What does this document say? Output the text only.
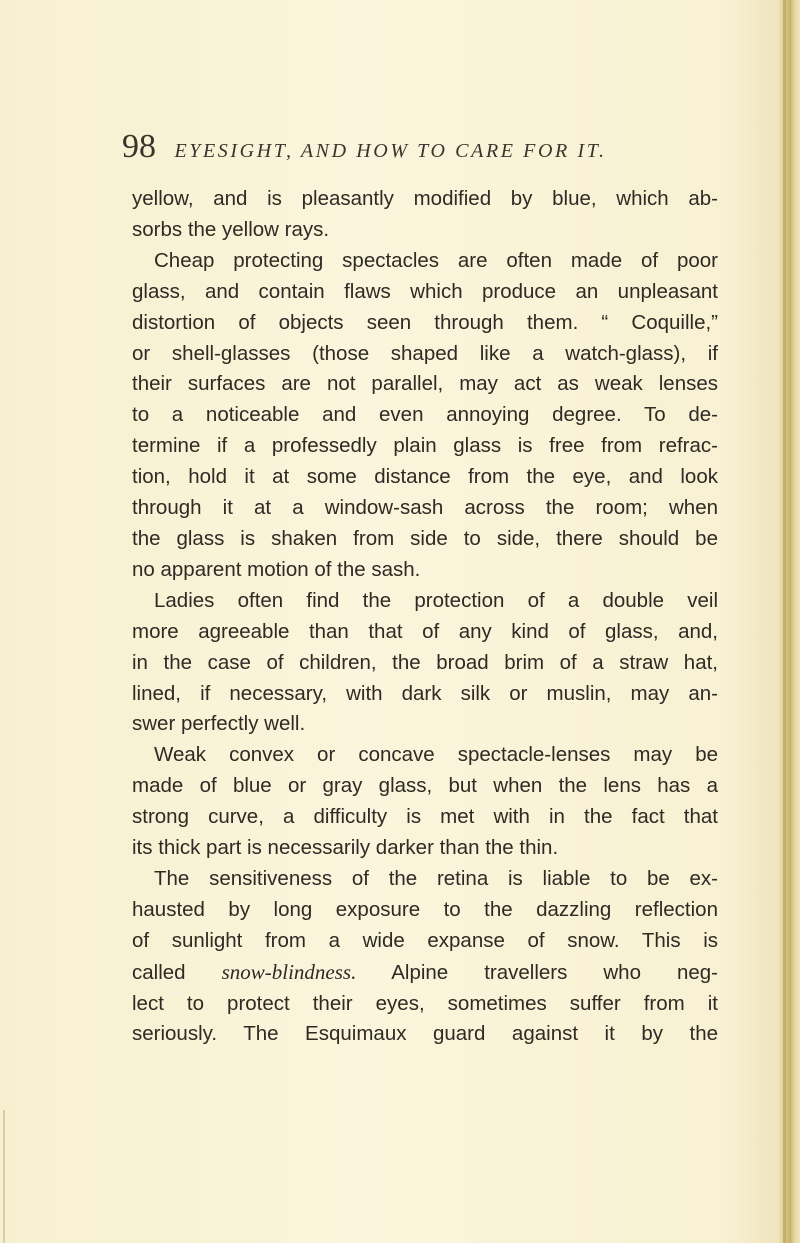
98 EYESIGHT, AND HOW TO CARE FOR IT.
yellow, and is pleasantly modified by blue, which ab-
sorbs the yellow rays.
Cheap protecting spectacles are often made of poor
glass, and contain flaws which produce an unpleasant
distortion of objects seen through them. “ Coquille,”
or shell-glasses (those shaped like a watch-glass), if
their surfaces are not parallel, may act as weak lenses
to a noticeable and even annoying degree. To de-
termine if a professedly plain glass is free from refrac-
tion, hold it at some distance from the eye, and look
through it at a window-sash across the room; when
the glass is shaken from side to side, there should be
no apparent motion of the sash.
Ladies often find the protection of a double veil
more agreeable than that of any kind of glass, and,
in the case of children, the broad brim of a straw hat,
lined, if necessary, with dark silk or muslin, may an-
swer perfectly well.
Weak convex or concave spectacle-lenses may be
made of blue or gray glass, but when the lens has a
strong curve, a difficulty is met with in the fact that
its thick part is necessarily darker than the thin.
The sensitiveness of the retina is liable to be ex-
hausted by long exposure to the dazzling reflection
of sunlight from a wide expanse of snow. This is
called snow-blindness. Alpine travellers who neg-
lect to protect their eyes, sometimes suffer from it
seriously. The Esquimaux guard against it by the
